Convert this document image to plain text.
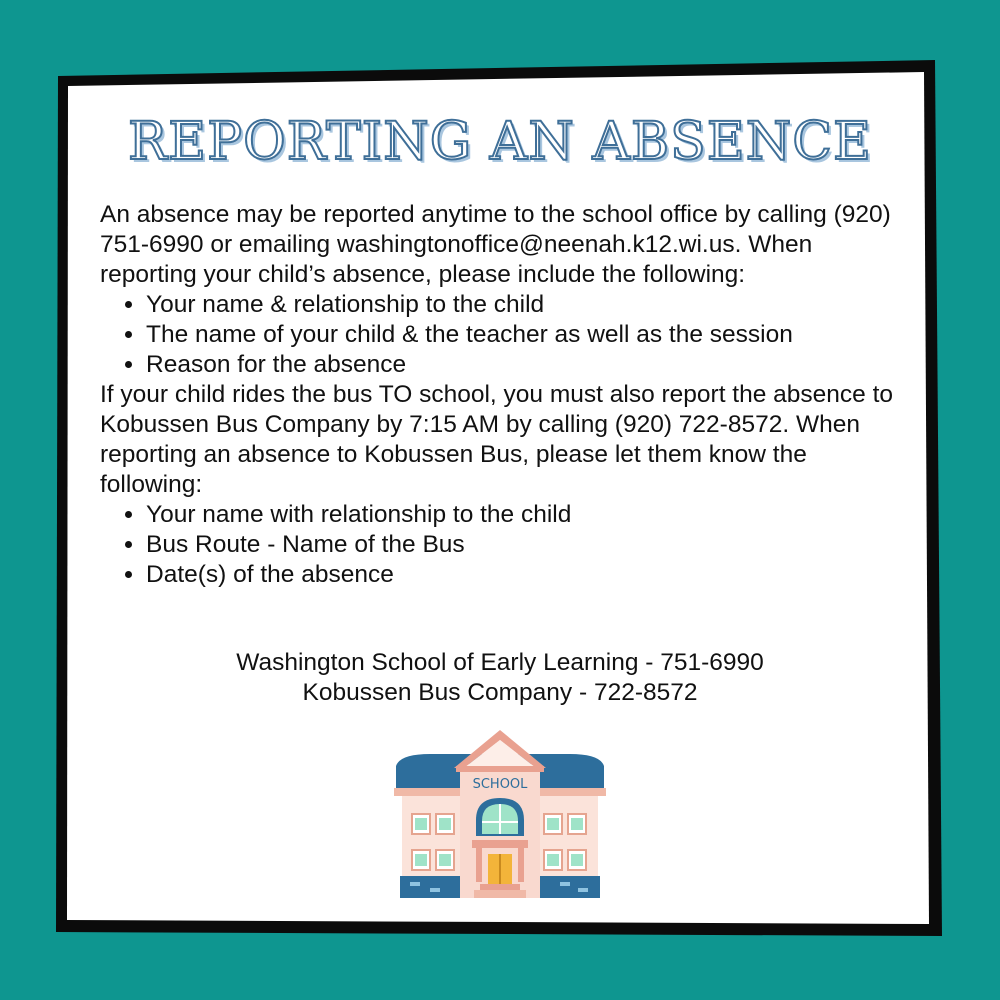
REPORTING AN ABSENCE

An absence may be reported anytime to the school office by calling (920) 751-6990 or emailing washingtonoffice@neenah.k12.wi.us. When reporting your child’s absence, please include the following:

• Your name & relationship to the child
• The name of your child & the teacher as well as the session
• Reason for the absence

If your child rides the bus TO school, you must also report the absence to Kobussen Bus Company by 7:15 AM by calling (920) 722-8572. When reporting an absence to Kobussen Bus, please let them know the following:

• Your name with relationship to the child
• Bus Route - Name of the Bus
• Date(s) of the absence
Washington School of Early Learning - 751-6990
Kobussen Bus Company - 722-8572
SCHOOL
